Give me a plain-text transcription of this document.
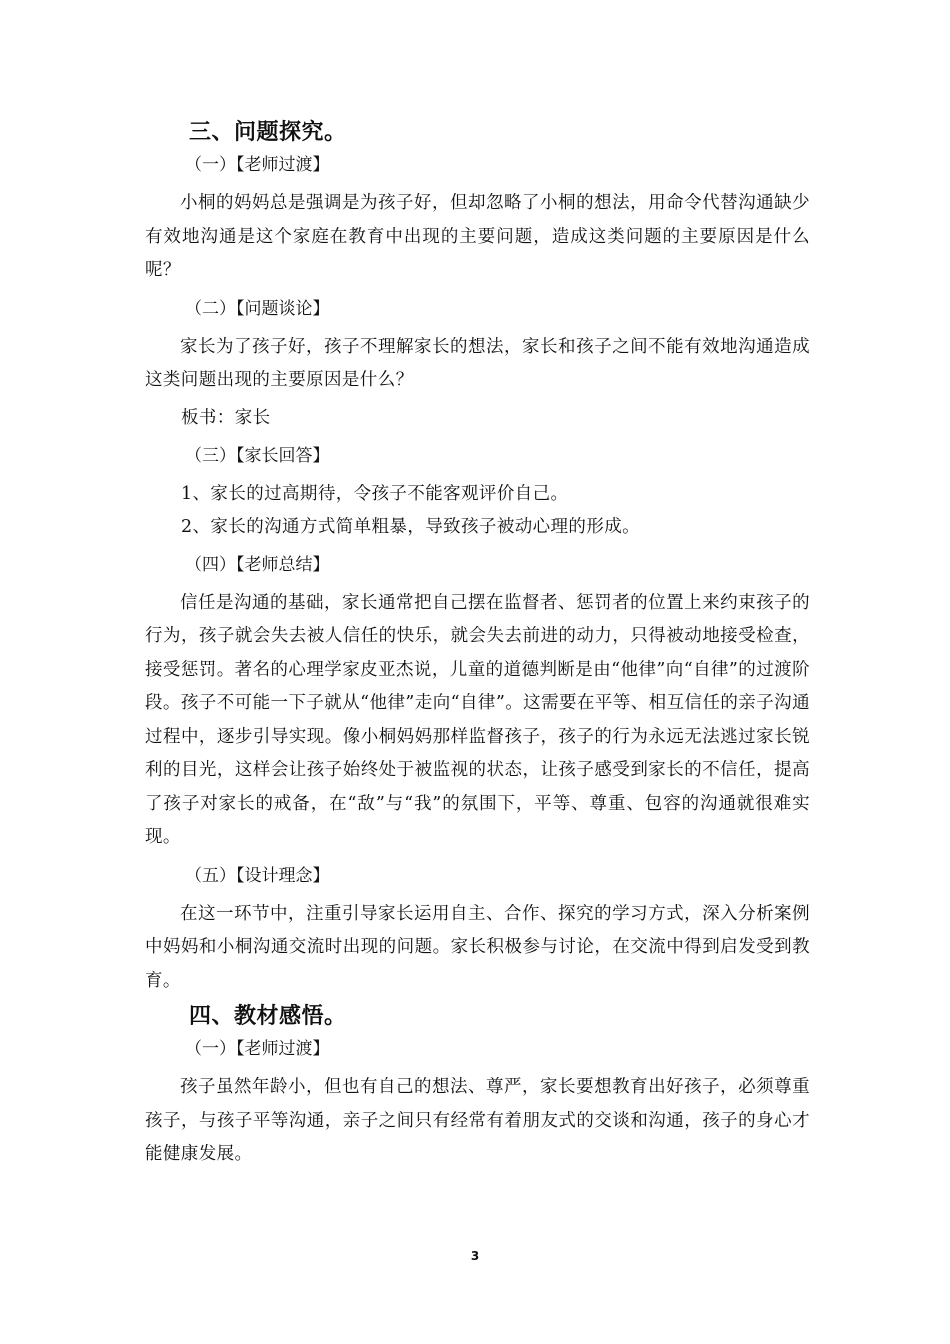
三、问题探究。
（一）【老师过渡】

小桐的妈妈总是强调是为孩子好，但却忽略了小桐的想法，用命令代替沟通缺少有效地沟通是这个家庭在教育中出现的主要问题，造成这类问题的主要原因是什么呢？

（二）【问题谈论】

家长为了孩子好，孩子不理解家长的想法，家长和孩子之间不能有效地沟通造成这类问题出现的主要原因是什么？

板书：家长
（三）【家长回答】
1、家长的过高期待，令孩子不能客观评价自己。
2、家长的沟通方式简单粗暴，导致孩子被动心理的形成。
（四）【老师总结】

信任是沟通的基础，家长通常把自己摆在监督者、惩罚者的位置上来约束孩子的行为，孩子就会失去被人信任的快乐，就会失去前进的动力，只得被动地接受检查，接受惩罚。著名的心理学家皮亚杰说，儿童的道德判断是由“他律”向“自律”的过渡阶段。孩子不可能一下子就从“他律”走向“自律”。这需要在平等、相互信任的亲子沟通过程中，逐步引导实现。像小桐妈妈那样监督孩子，孩子的行为永远无法逃过家长锐利的目光，这样会让孩子始终处于被监视的状态，让孩子感受到家长的不信任，提高了孩子对家长的戒备，在“敌”与“我”的氛围下，平等、尊重、包容的沟通就很难实现。

（五）【设计理念】

在这一环节中，注重引导家长运用自主、合作、探究的学习方式，深入分析案例中妈妈和小桐沟通交流时出现的问题。家长积极参与讨论，在交流中得到启发受到教育。

四、教材感悟。
（一）【老师过渡】

孩子虽然年龄小，但也有自己的想法、尊严，家长要想教育出好孩子，必须尊重孩子，与孩子平等沟通，亲子之间只有经常有着朋友式的交谈和沟通，孩子的身心才能健康发展。

3
